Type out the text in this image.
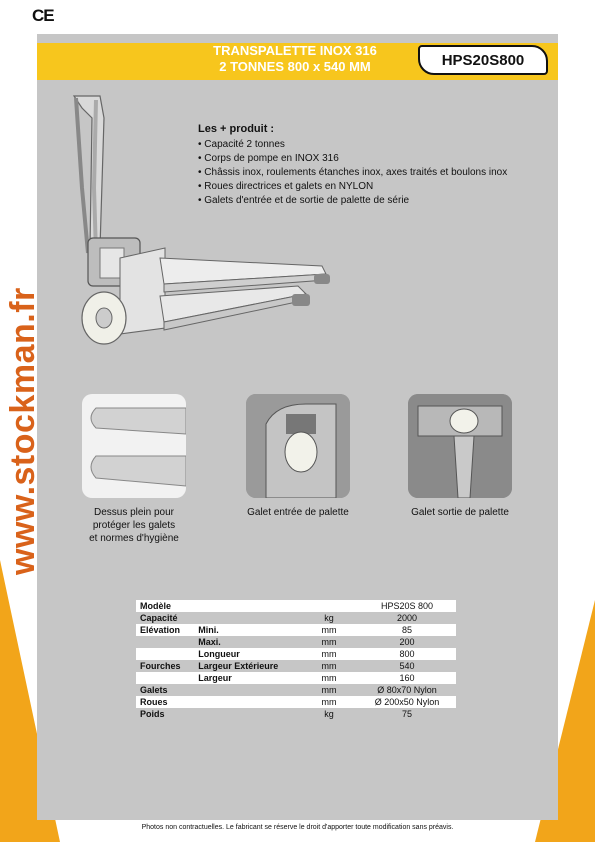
CE
TRANSPALETTE INOX 316
2 TONNES 800 x 540 MM	HPS20S800
www.stockman.fr
Les + produit :
• Capacité 2 tonnes
• Corps de pompe en INOX 316
• Châssis inox, roulements étanches inox, axes traités et boulons inox
• Roues directrices et galets en NYLON
• Galets d'entrée et de sortie de palette de série
Dessus plein pour
protéger les galets
et normes d'hygiène
Galet entrée de palette	Galet sortie de palette
Modèle			HPS20S 800
Capacité		kg	2000
Elévation	Mini.	mm	85
	Maxi.	mm	200
	Longueur	mm	800
Fourches	Largeur Extérieure	mm	540
	Largeur	mm	160
Galets		mm	Ø 80x70 Nylon
Roues		mm	Ø 200x50 Nylon
Poids		kg	75
Photos non contractuelles. Le fabricant se réserve le droit d'apporter toute modification sans préavis.
